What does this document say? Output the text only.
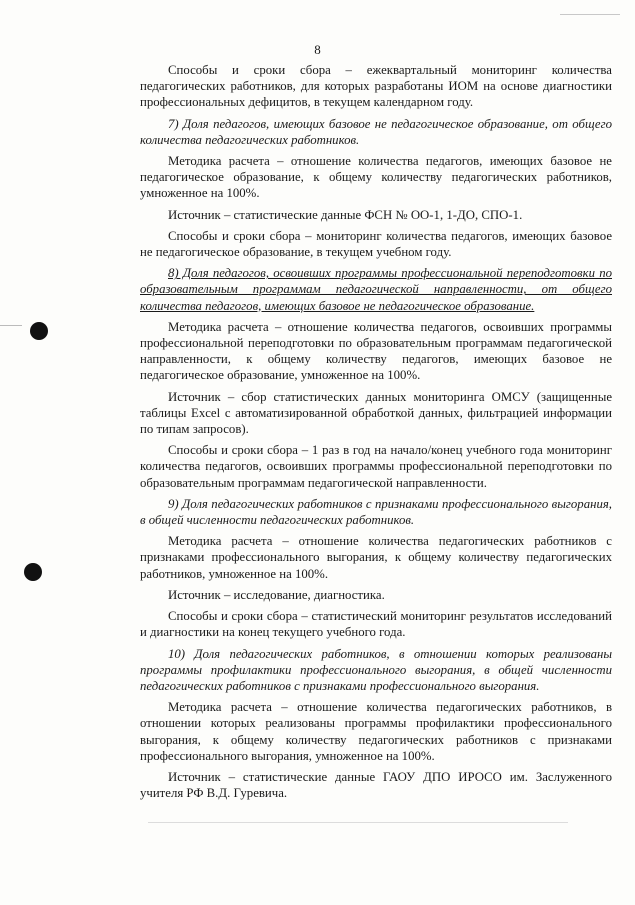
8

Способы и сроки сбора – ежеквартальный мониторинг количества педагогических работников, для которых разработаны ИОМ на основе диагностики профессиональных дефицитов, в текущем календарном году.

7) Доля педагогов, имеющих базовое не педагогическое образование, от общего количества педагогических работников.

Методика расчета – отношение количества педагогов, имеющих базовое не педагогическое образование, к общему количеству педагогических работников, умноженное на 100%.

Источник – статистические данные ФСН № ОО-1, 1-ДО, СПО-1.

Способы и сроки сбора – мониторинг количества педагогов, имеющих базовое не педагогическое образование, в текущем учебном году.

8) Доля педагогов, освоивших программы профессиональной переподготовки по образовательным программам педагогической направленности, от общего количества педагогов, имеющих базовое не педагогическое образование.

Методика расчета – отношение количества педагогов, освоивших программы профессиональной переподготовки по образовательным программам педагогической направленности, к общему количеству педагогов, имеющих базовое не педагогическое образование, умноженное на 100%.

Источник – сбор статистических данных мониторинга ОМСУ (защищенные таблицы Excel с автоматизированной обработкой данных, фильтрацией информации по типам запросов).

Способы и сроки сбора – 1 раз в год на начало/конец учебного года мониторинг количества педагогов, освоивших программы профессиональной переподготовки по образовательным программам педагогической направленности.

9) Доля педагогических работников с признаками профессионального выгорания, в общей численности педагогических работников.

Методика расчета – отношение количества педагогических работников с признаками профессионального выгорания, к общему количеству педагогических работников, умноженное на 100%.

Источник – исследование, диагностика.

Способы и сроки сбора – статистический мониторинг результатов исследований и диагностики на конец текущего учебного года.

10) Доля педагогических работников, в отношении которых реализованы программы профилактики профессионального выгорания, в общей численности педагогических работников с признаками профессионального выгорания.

Методика расчета – отношение количества педагогических работников, в отношении которых реализованы программы профилактики профессионального выгорания, к общему количеству педагогических работников с признаками профессионального выгорания, умноженное на 100%.

Источник – статистические данные ГАОУ ДПО ИРОСО им. Заслуженного учителя РФ В.Д. Гуревича.
